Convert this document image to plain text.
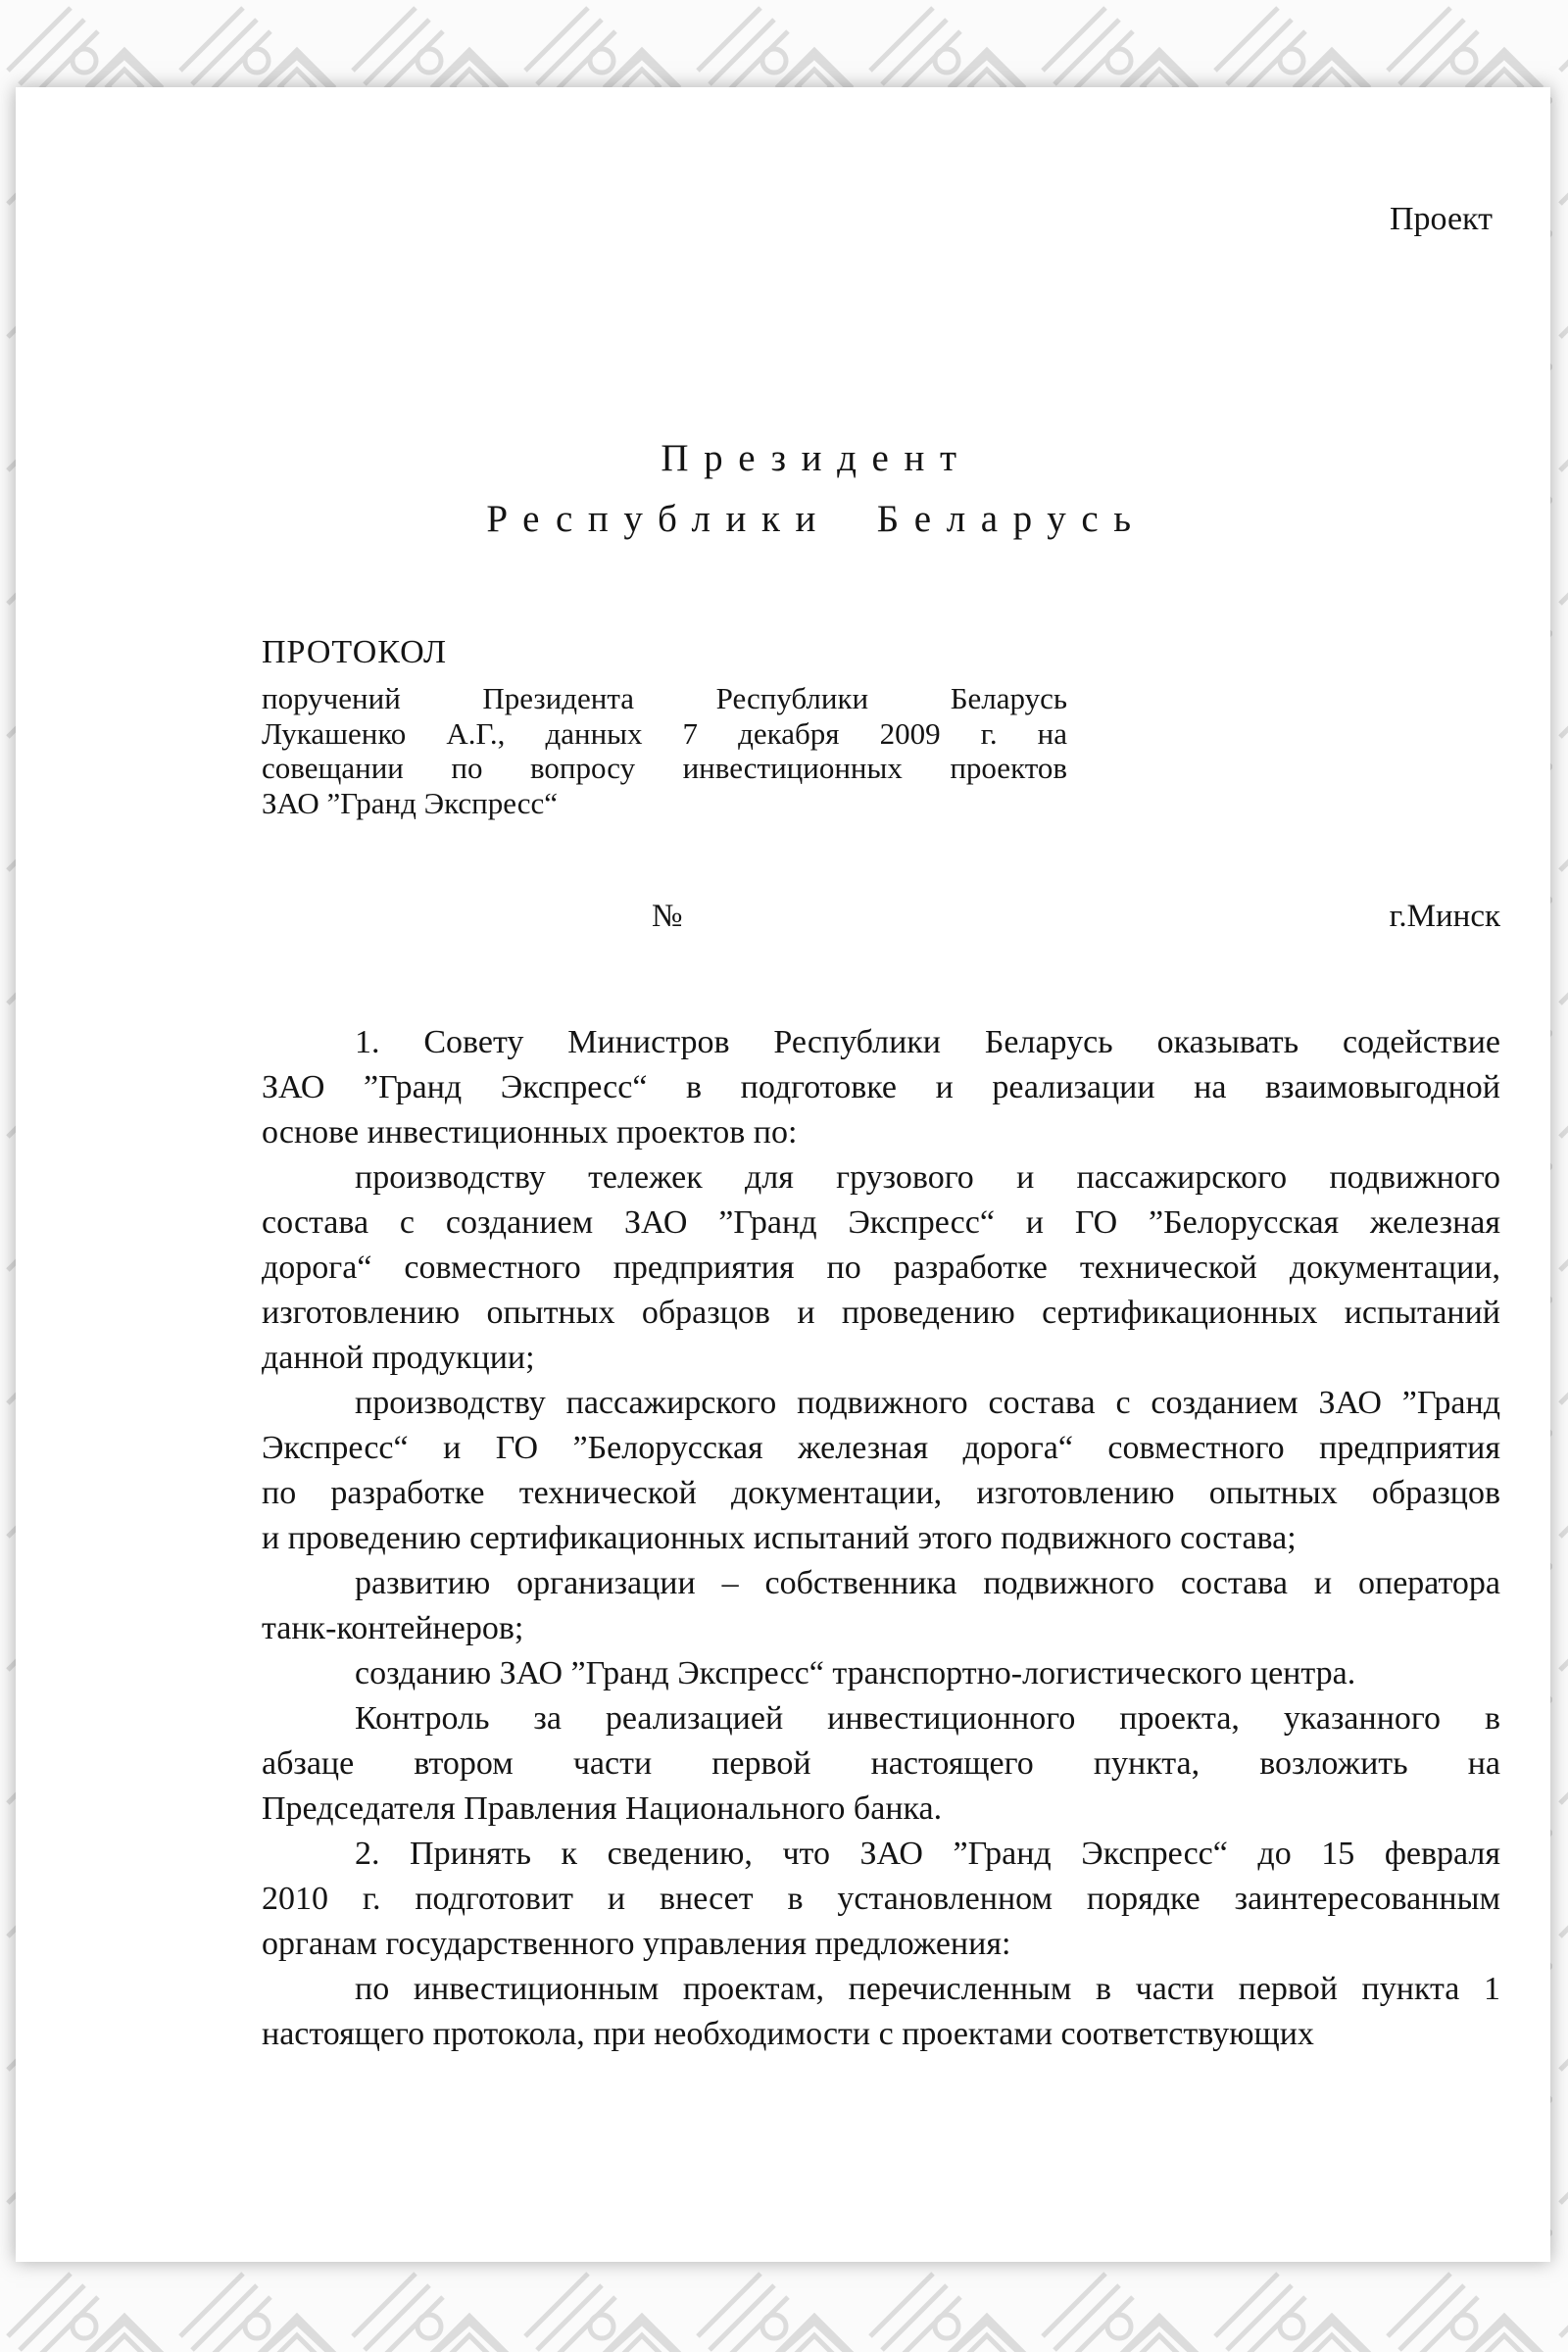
Проект
Президент
Республики Беларусь
ПРОТОКОЛ
поручений Президента Республики Беларусь
Лукашенко А.Г., данных 7 декабря 2009 г. на
совещании по вопросу инвестиционных проектов
ЗАО ”Гранд Экспресс“
№	г.Минск
1. Совету Министров Республики Беларусь оказывать содействие
ЗАО ”Гранд Экспресс“ в подготовке и реализации на взаимовыгодной
основе инвестиционных проектов по:
производству тележек для грузового и пассажирского подвижного
состава с созданием ЗАО ”Гранд Экспресс“ и ГО ”Белорусская железная
дорога“ совместного предприятия по разработке технической документации,
изготовлению опытных образцов и проведению сертификационных испытаний
данной продукции;
производству пассажирского подвижного состава с созданием ЗАО ”Гранд
Экспресс“ и ГО ”Белорусская железная дорога“ совместного предприятия
по разработке технической документации, изготовлению опытных образцов
и проведению сертификационных испытаний этого подвижного состава;
развитию организации – собственника подвижного состава и оператора
танк-контейнеров;
созданию ЗАО ”Гранд Экспресс“ транспортно-логистического центра.
Контроль за реализацией инвестиционного проекта, указанного в
абзаце втором части первой настоящего пункта, возложить на
Председателя Правления Национального банка.
2. Принять к сведению, что ЗАО ”Гранд Экспресс“ до 15 февраля
2010 г. подготовит и внесет в установленном порядке заинтересованным
органам государственного управления предложения:
по инвестиционным проектам, перечисленным в части первой пункта 1
настоящего протокола, при необходимости с проектами соответствующих
